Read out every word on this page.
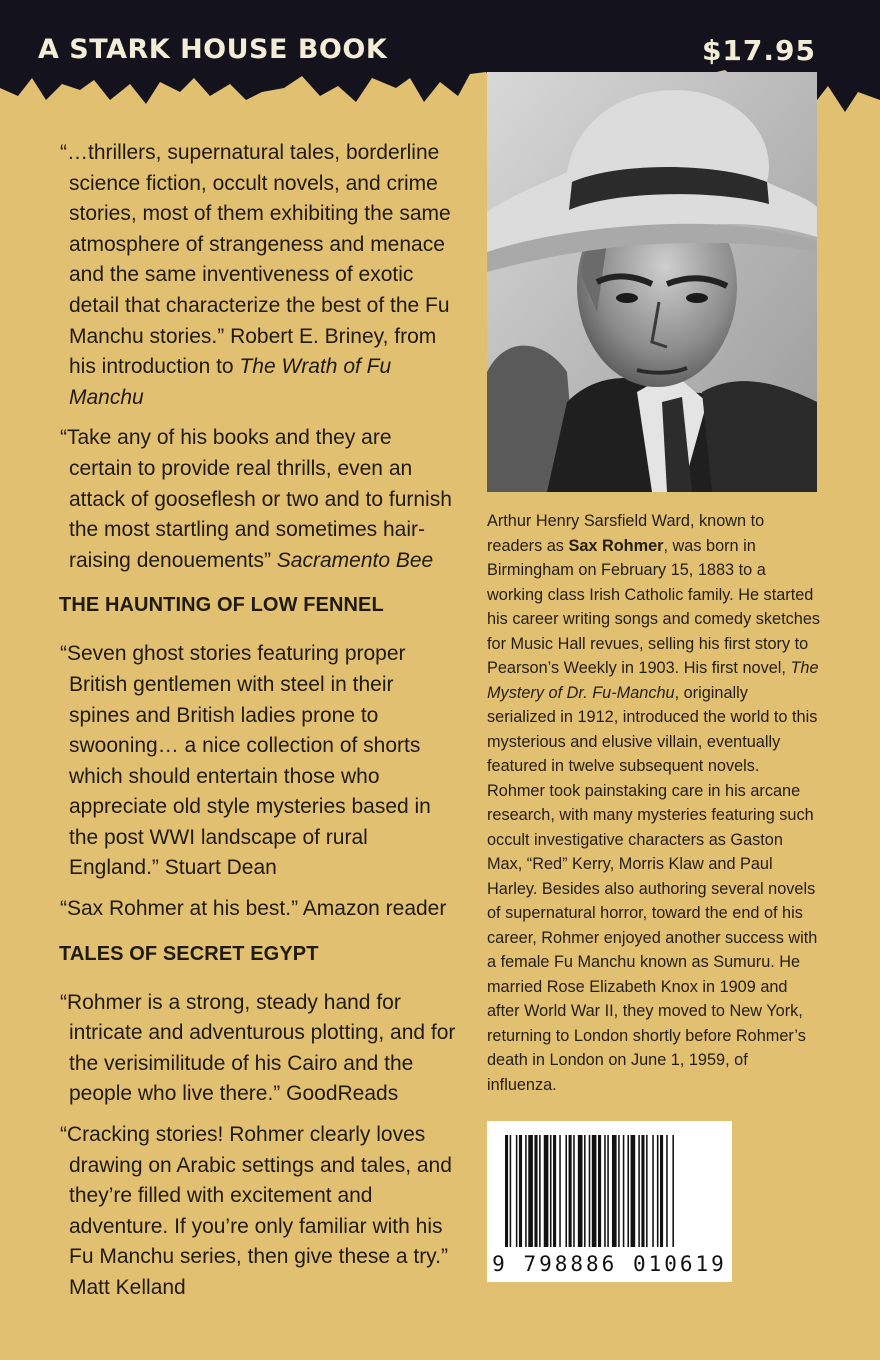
A STARK HOUSE BOOK	$17.95

“…thrillers, supernatural tales, borderline science fiction, occult novels, and crime stories, most of them exhibiting the same atmosphere of strangeness and menace and the same inventiveness of exotic detail that characterize the best of the Fu Manchu stories.” Robert E. Briney, from his introduction to The Wrath of Fu Manchu

“Take any of his books and they are certain to provide real thrills, even an attack of gooseflesh or two and to furnish the most startling and sometimes hair-raising denouements” Sacramento Bee

THE HAUNTING OF LOW FENNEL

“Seven ghost stories featuring proper British gentlemen with steel in their spines and British ladies prone to swooning… a nice collection of shorts which should entertain those who appreciate old style mysteries based in the post WWI landscape of rural England.” Stuart Dean

“Sax Rohmer at his best.” Amazon reader

TALES OF SECRET EGYPT

“Rohmer is a strong, steady hand for intricate and adventurous plotting, and for the verisimilitude of his Cairo and the people who live there.” GoodReads

“Cracking stories! Rohmer clearly loves drawing on Arabic settings and tales, and they’re filled with excitement and adventure. If you’re only familiar with his Fu Manchu series, then give these a try.” Matt Kelland

Arthur Henry Sarsfield Ward, known to readers as Sax Rohmer, was born in Birmingham on February 15, 1883 to a working class Irish Catholic family. He started his career writing songs and comedy sketches for Music Hall revues, selling his first story to Pearson’s Weekly in 1903. His first novel, The Mystery of Dr. Fu-Manchu, originally serialized in 1912, introduced the world to this mysterious and elusive villain, eventually featured in twelve subsequent novels. Rohmer took painstaking care in his arcane research, with many mysteries featuring such occult investigative characters as Gaston Max, “Red” Kerry, Morris Klaw and Paul Harley. Besides also authoring several novels of supernatural horror, toward the end of his career, Rohmer enjoyed another success with a female Fu Manchu known as Sumuru. He married Rose Elizabeth Knox in 1909 and after World War II, they moved to New York, returning to London shortly before Rohmer’s death in London on June 1, 1959, of influenza.
9 798886 010619
